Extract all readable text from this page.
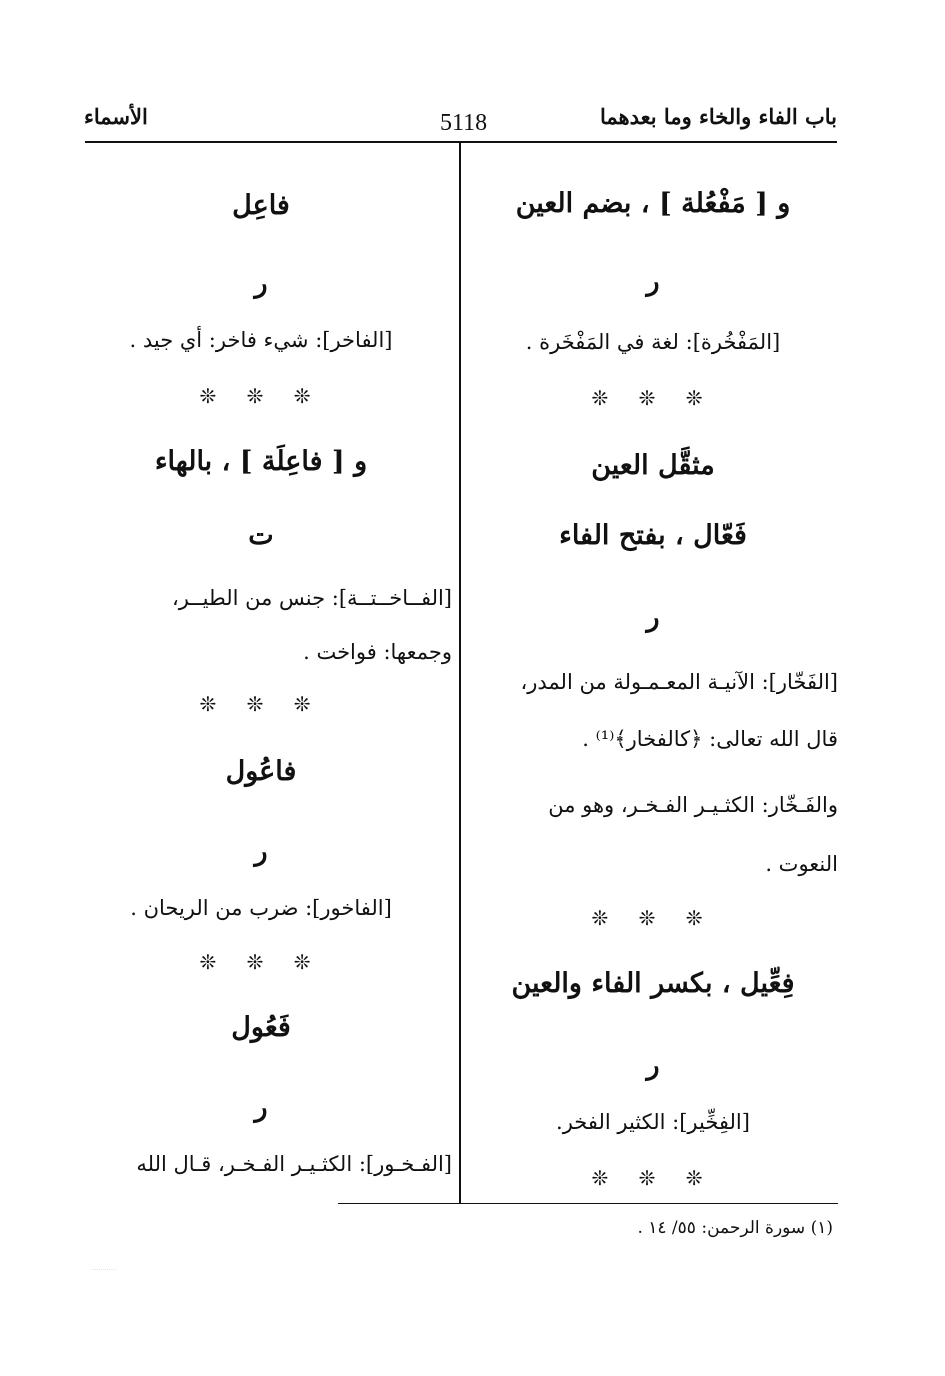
باب الفاء والخاء وما بعدهما
5118
الأسماء
و [ مَفْعُلة ] ، بضم العين
ر
[المَفْخُرة]: لغة في المَفْخَرة .
❊ ❊ ❊
مثقَّل العين
فَعّال ، بفتح الفاء
ر
[الفَخّار]: الآنيـة المعـمـولة من المدر،
قال الله تعالى: ﴿كالفخار﴾⁽¹⁾ .
والفَـخّار: الكثـيـر الفـخـر، وهو من
النعوت .
❊ ❊ ❊
فِعِّيل ، بكسر الفاء والعين
ر
[الفِخِّير]: الكثير الفخر.
❊ ❊ ❊
فاعِل
ر
[الفاخر]: شيء فاخر: أي جيد .
❊ ❊ ❊
و [ فاعِلَة ] ، بالهاء
ت
[الفــاخــتــة]: جنس من الطيــر،
وجمعها: فواخت .
❊ ❊ ❊
فاعُول
ر
[الفاخور]: ضرب من الريحان .
❊ ❊ ❊
فَعُول
ر
[الفـخـور]: الكثـيـر الفـخـر، قـال الله
(١) سورة الرحمن: ٥٥/ ١٤ .
